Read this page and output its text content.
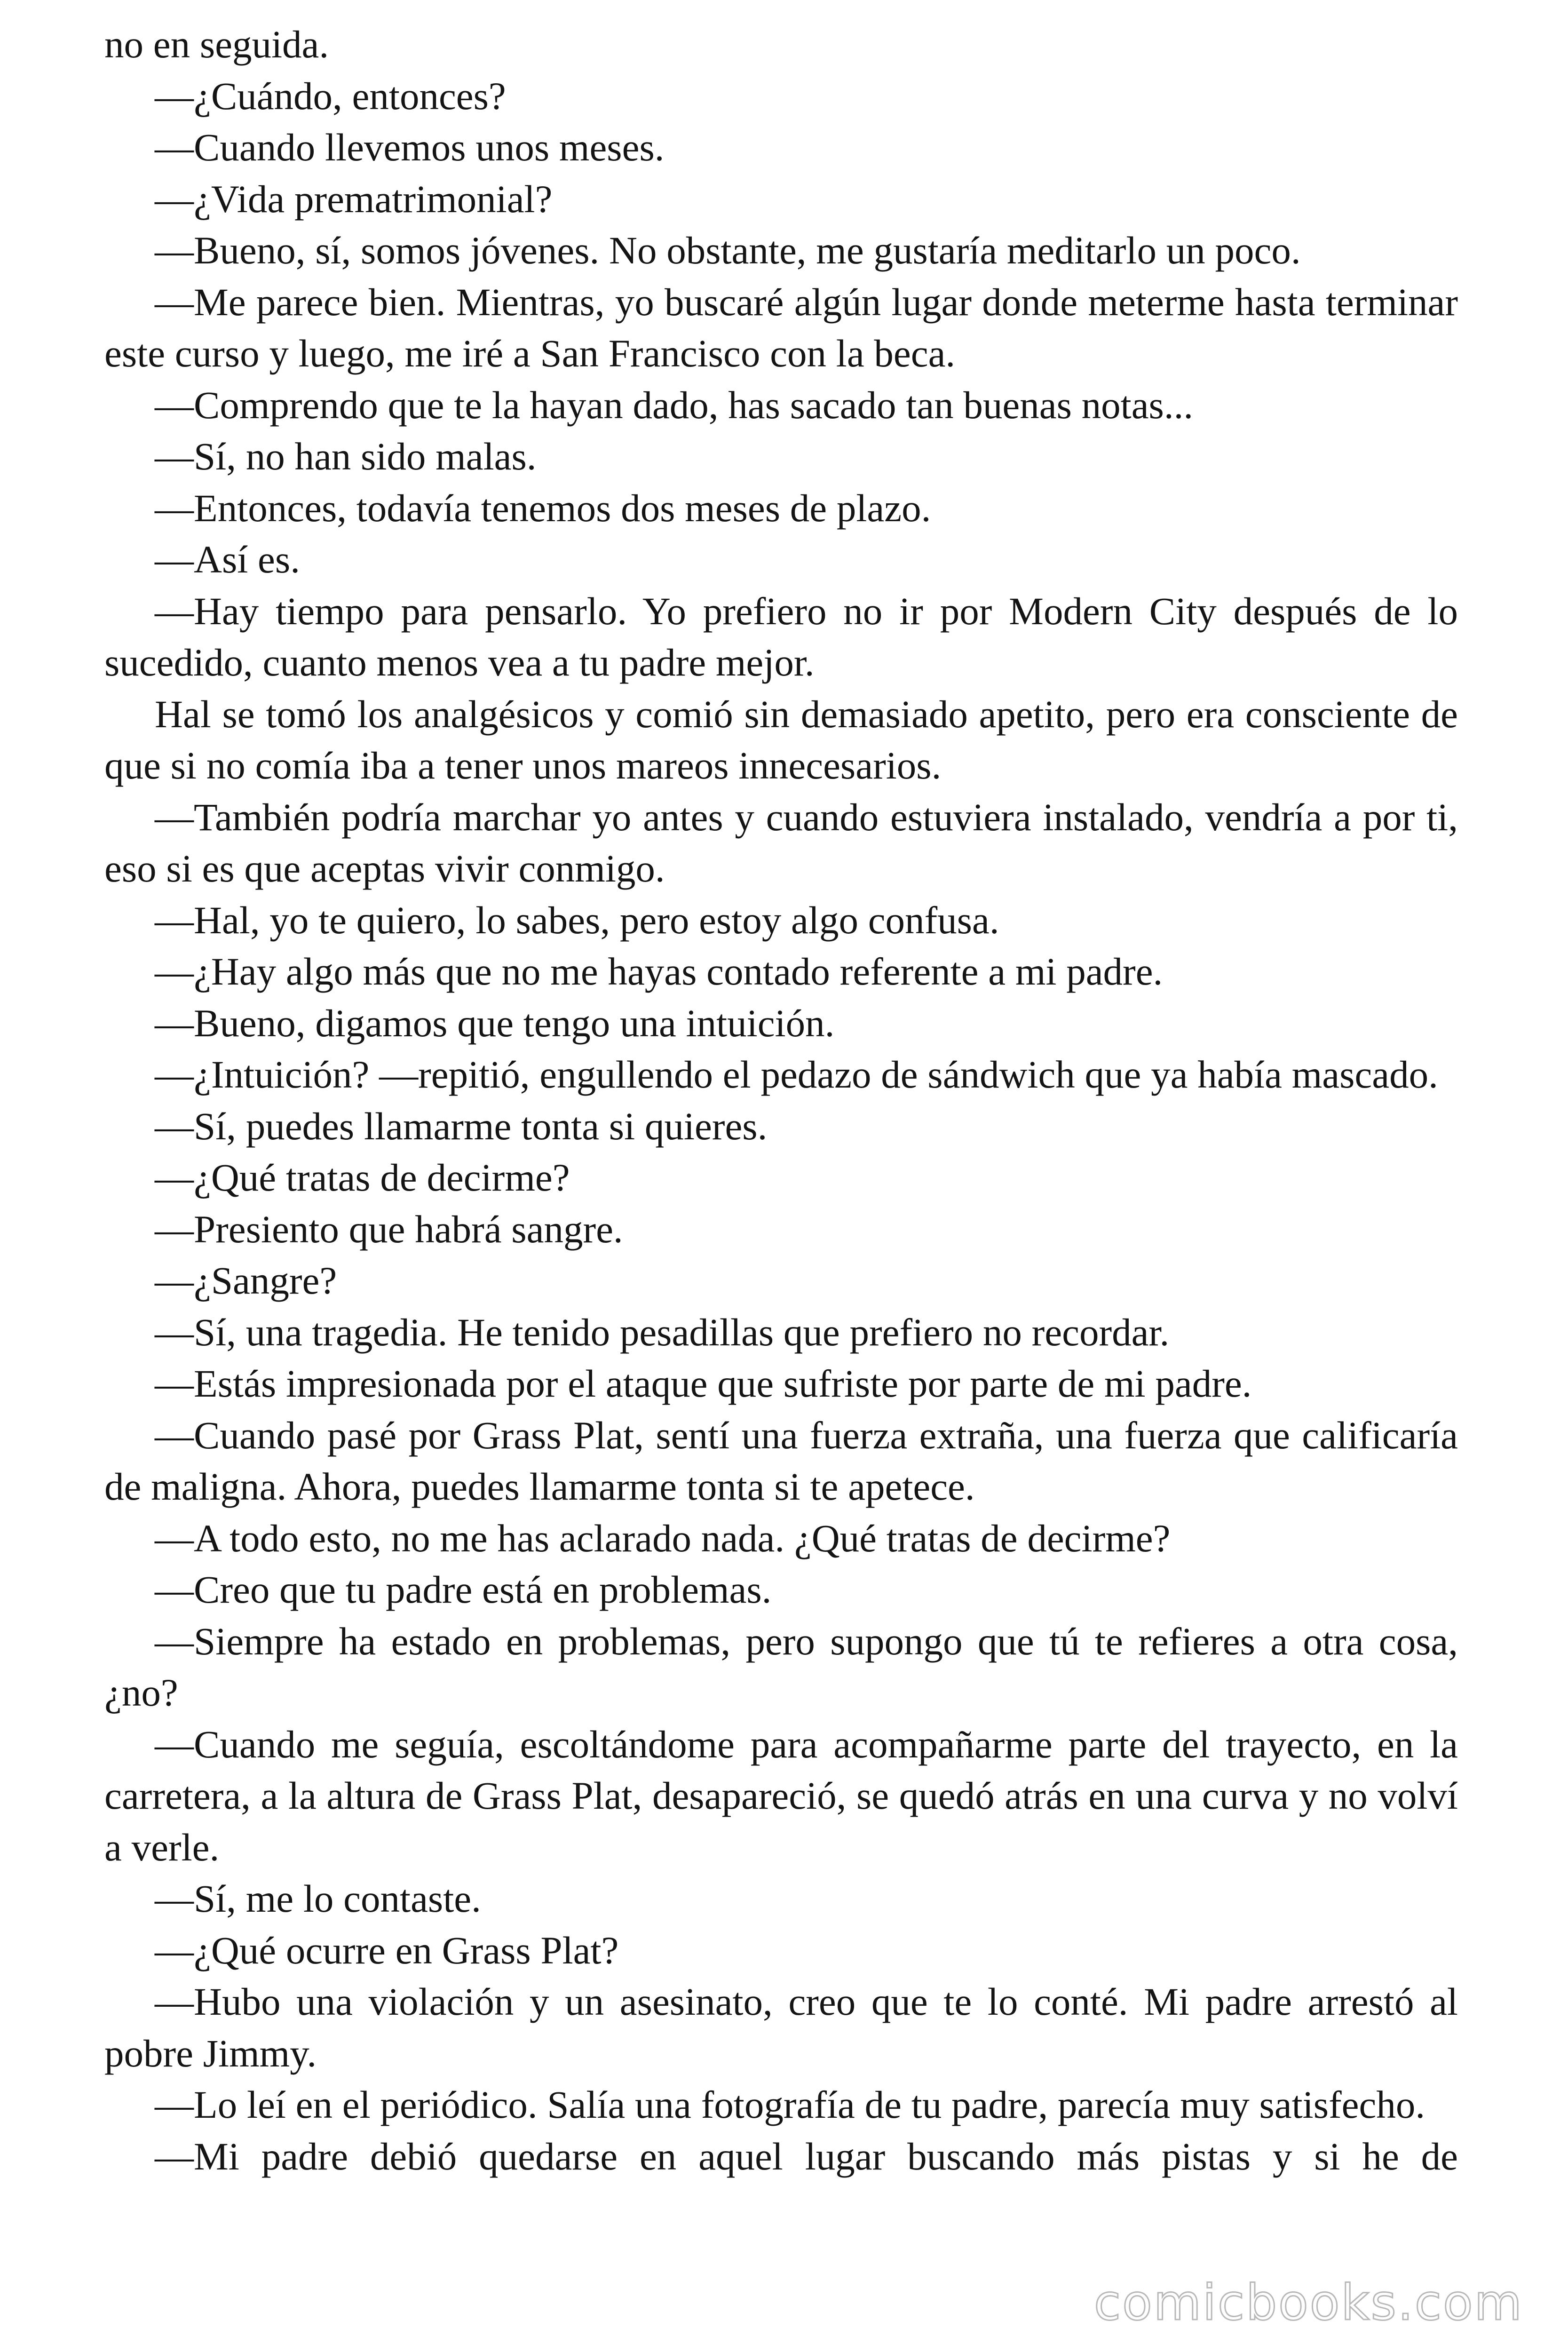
no en seguida.

—¿Cuándo, entonces?

—Cuando llevemos unos meses.

—¿Vida prematrimonial?

—Bueno, sí, somos jóvenes. No obstante, me gustaría meditarlo un poco.

—Me parece bien. Mientras, yo buscaré algún lugar donde meterme hasta terminar este curso y luego, me iré a San Francisco con la beca.

—Comprendo que te la hayan dado, has sacado tan buenas notas...

—Sí, no han sido malas.

—Entonces, todavía tenemos dos meses de plazo.

—Así es.

—Hay tiempo para pensarlo. Yo prefiero no ir por Modern City después de lo sucedido, cuanto menos vea a tu padre mejor.

Hal se tomó los analgésicos y comió sin demasiado apetito, pero era consciente de que si no comía iba a tener unos mareos innecesarios.

—También podría marchar yo antes y cuando estuviera instalado, vendría a por ti, eso si es que aceptas vivir conmigo.

—Hal, yo te quiero, lo sabes, pero estoy algo confusa.

—¿Hay algo más que no me hayas contado referente a mi padre.

—Bueno, digamos que tengo una intuición.

—¿Intuición? —repitió, engullendo el pedazo de sándwich que ya había mascado.

—Sí, puedes llamarme tonta si quieres.

—¿Qué tratas de decirme?

—Presiento que habrá sangre.

—¿Sangre?

—Sí, una tragedia. He tenido pesadillas que prefiero no recordar.

—Estás impresionada por el ataque que sufriste por parte de mi padre.

—Cuando pasé por Grass Plat, sentí una fuerza extraña, una fuerza que calificaría de maligna. Ahora, puedes llamarme tonta si te apetece.

—A todo esto, no me has aclarado nada. ¿Qué tratas de decirme?

—Creo que tu padre está en problemas.

—Siempre ha estado en problemas, pero supongo que tú te refieres a otra cosa, ¿no?

—Cuando me seguía, escoltándome para acompañarme parte del trayecto, en la carretera, a la altura de Grass Plat, desapareció, se quedó atrás en una curva y no volví a verle.

—Sí, me lo contaste.

—¿Qué ocurre en Grass Plat?

—Hubo una violación y un asesinato, creo que te lo conté. Mi padre arrestó al pobre Jimmy.

—Lo leí en el periódico. Salía una fotografía de tu padre, parecía muy satisfecho.

—Mi padre debió quedarse en aquel lugar buscando más pistas y si he de

comicbooks.com
